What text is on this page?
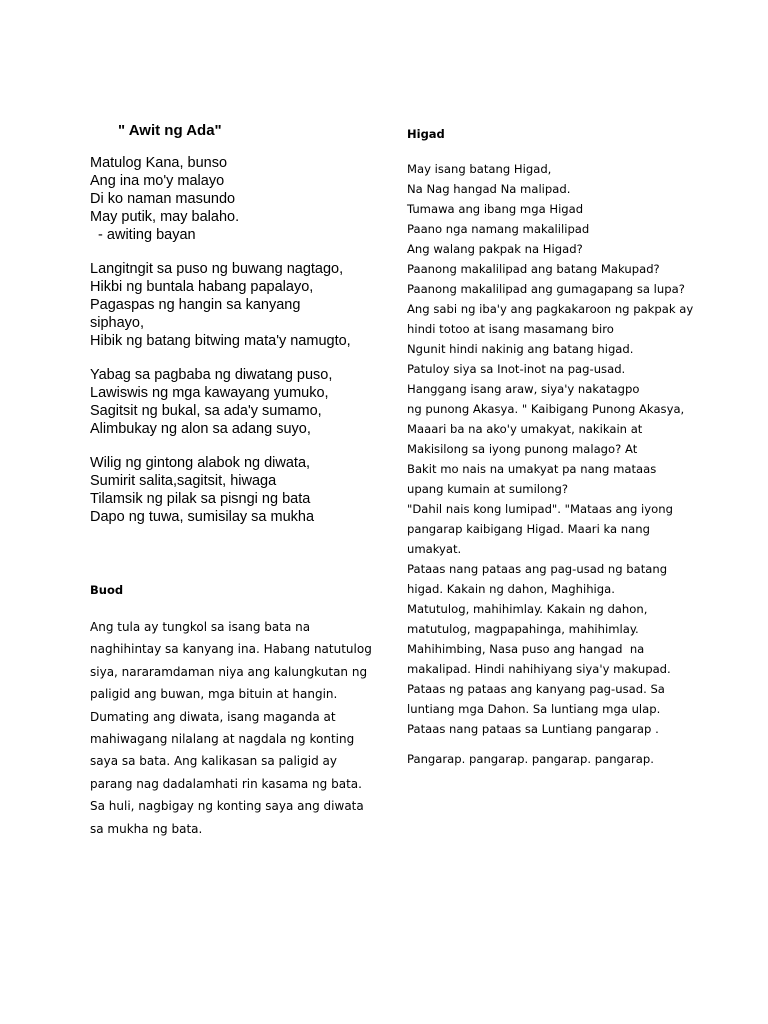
" Awit ng Ada"
Matulog Kana, bunso
Ang ina mo'y malayo
Di ko naman masundo
May putik, may balaho.
- awiting bayan
Langitngit sa puso ng buwang nagtago,
Hikbi ng buntala habang papalayo,
Pagaspas ng hangin sa kanyang
siphayo,
Hibik ng batang bitwing mata'y namugto,
Yabag sa pagbaba ng diwatang puso,
Lawiswis ng mga kawayang yumuko,
Sagitsit ng bukal, sa ada'y sumamo,
Alimbukay ng alon sa adang suyo,
Wilig ng gintong alabok ng diwata,
Sumirit salita,sagitsit, hiwaga
Tilamsik ng pilak sa pisngi ng bata
Dapo ng tuwa, sumisilay sa mukha
Buod

Ang tula ay tungkol sa isang bata na naghihintay sa kanyang ina. Habang natutulog siya, nararamdaman niya ang kalungkutan ng paligid ang buwan, mga bituin at hangin. Dumating ang diwata, isang maganda at mahiwagang nilalang at nagdala ng konting saya sa bata. Ang kalikasan sa paligid ay parang nag dadalamhati rin kasama ng bata. Sa huli, nagbigay ng konting saya ang diwata sa mukha ng bata.

Higad
May isang batang Higad,
Na Nag hangad Na malipad.
Tumawa ang ibang mga Higad
Paano nga namang makalilipad
Ang walang pakpak na Higad?
Paanong makalilipad ang batang Makupad?
Paanong makalilipad ang gumagapang sa lupa?
Ang sabi ng iba'y ang pagkakaroon ng pakpak ay
hindi totoo at isang masamang biro
Ngunit hindi nakinig ang batang higad.
Patuloy siya sa Inot-inot na pag-usad.
Hanggang isang araw, siya'y nakatagpo
ng punong Akasya. " Kaibigang Punong Akasya,
Maaari ba na ako'y umakyat, nakikain at
Makisilong sa iyong punong malago? At
Bakit mo nais na umakyat pa nang mataas
upang kumain at sumilong?
"Dahil nais kong lumipad". "Mataas ang iyong
pangarap kaibigang Higad. Maari ka nang
umakyat.
Pataas nang pataas ang pag-usad ng batang
higad. Kakain ng dahon, Maghihiga.
Matutulog, mahihimlay. Kakain ng dahon,
matutulog, magpapahinga, mahihimlay.
Mahihimbing, Nasa puso ang hangad  na
makalipad. Hindi nahihiyang siya'y makupad.
Pataas ng pataas ang kanyang pag-usad. Sa
luntiang mga Dahon. Sa luntiang mga ulap.
Pataas nang pataas sa Luntiang pangarap .
Pangarap. pangarap. pangarap. pangarap.
